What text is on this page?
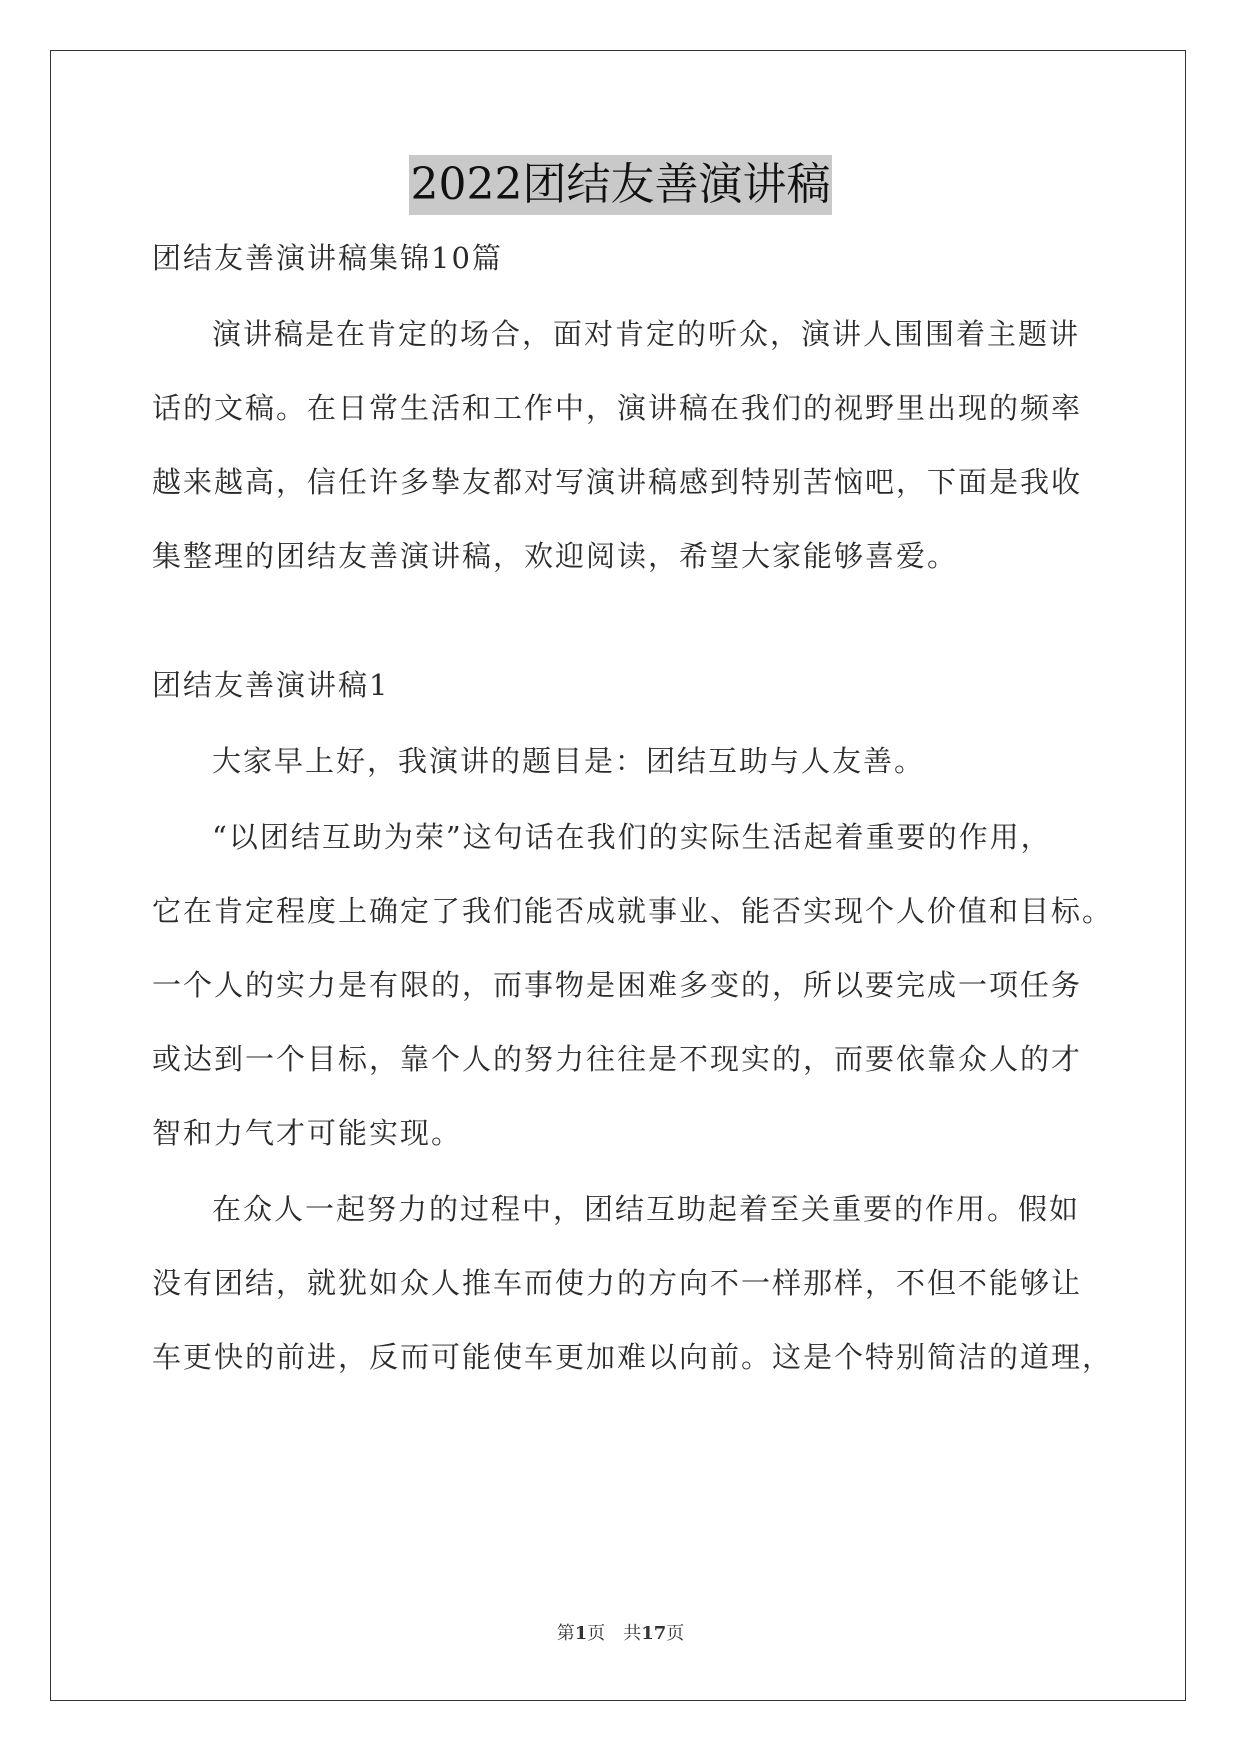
2022团结友善演讲稿
团结友善演讲稿集锦10篇
演讲稿是在肯定的场合，面对肯定的听众，演讲人围围着主题讲
话的文稿。在日常生活和工作中，演讲稿在我们的视野里出现的频率
越来越高，信任许多挚友都对写演讲稿感到特别苦恼吧，下面是我收
集整理的团结友善演讲稿，欢迎阅读，希望大家能够喜爱。
团结友善演讲稿1
大家早上好，我演讲的题目是：团结互助与人友善。
“以团结互助为荣”这句话在我们的实际生活起着重要的作用，
它在肯定程度上确定了我们能否成就事业、能否实现个人价值和目标。
一个人的实力是有限的，而事物是困难多变的，所以要完成一项任务
或达到一个目标，靠个人的努力往往是不现实的，而要依靠众人的才
智和力气才可能实现。
在众人一起努力的过程中，团结互助起着至关重要的作用。假如
没有团结，就犹如众人推车而使力的方向不一样那样，不但不能够让
车更快的前进，反而可能使车更加难以向前。这是个特别简洁的道理，
第1页　共17页
